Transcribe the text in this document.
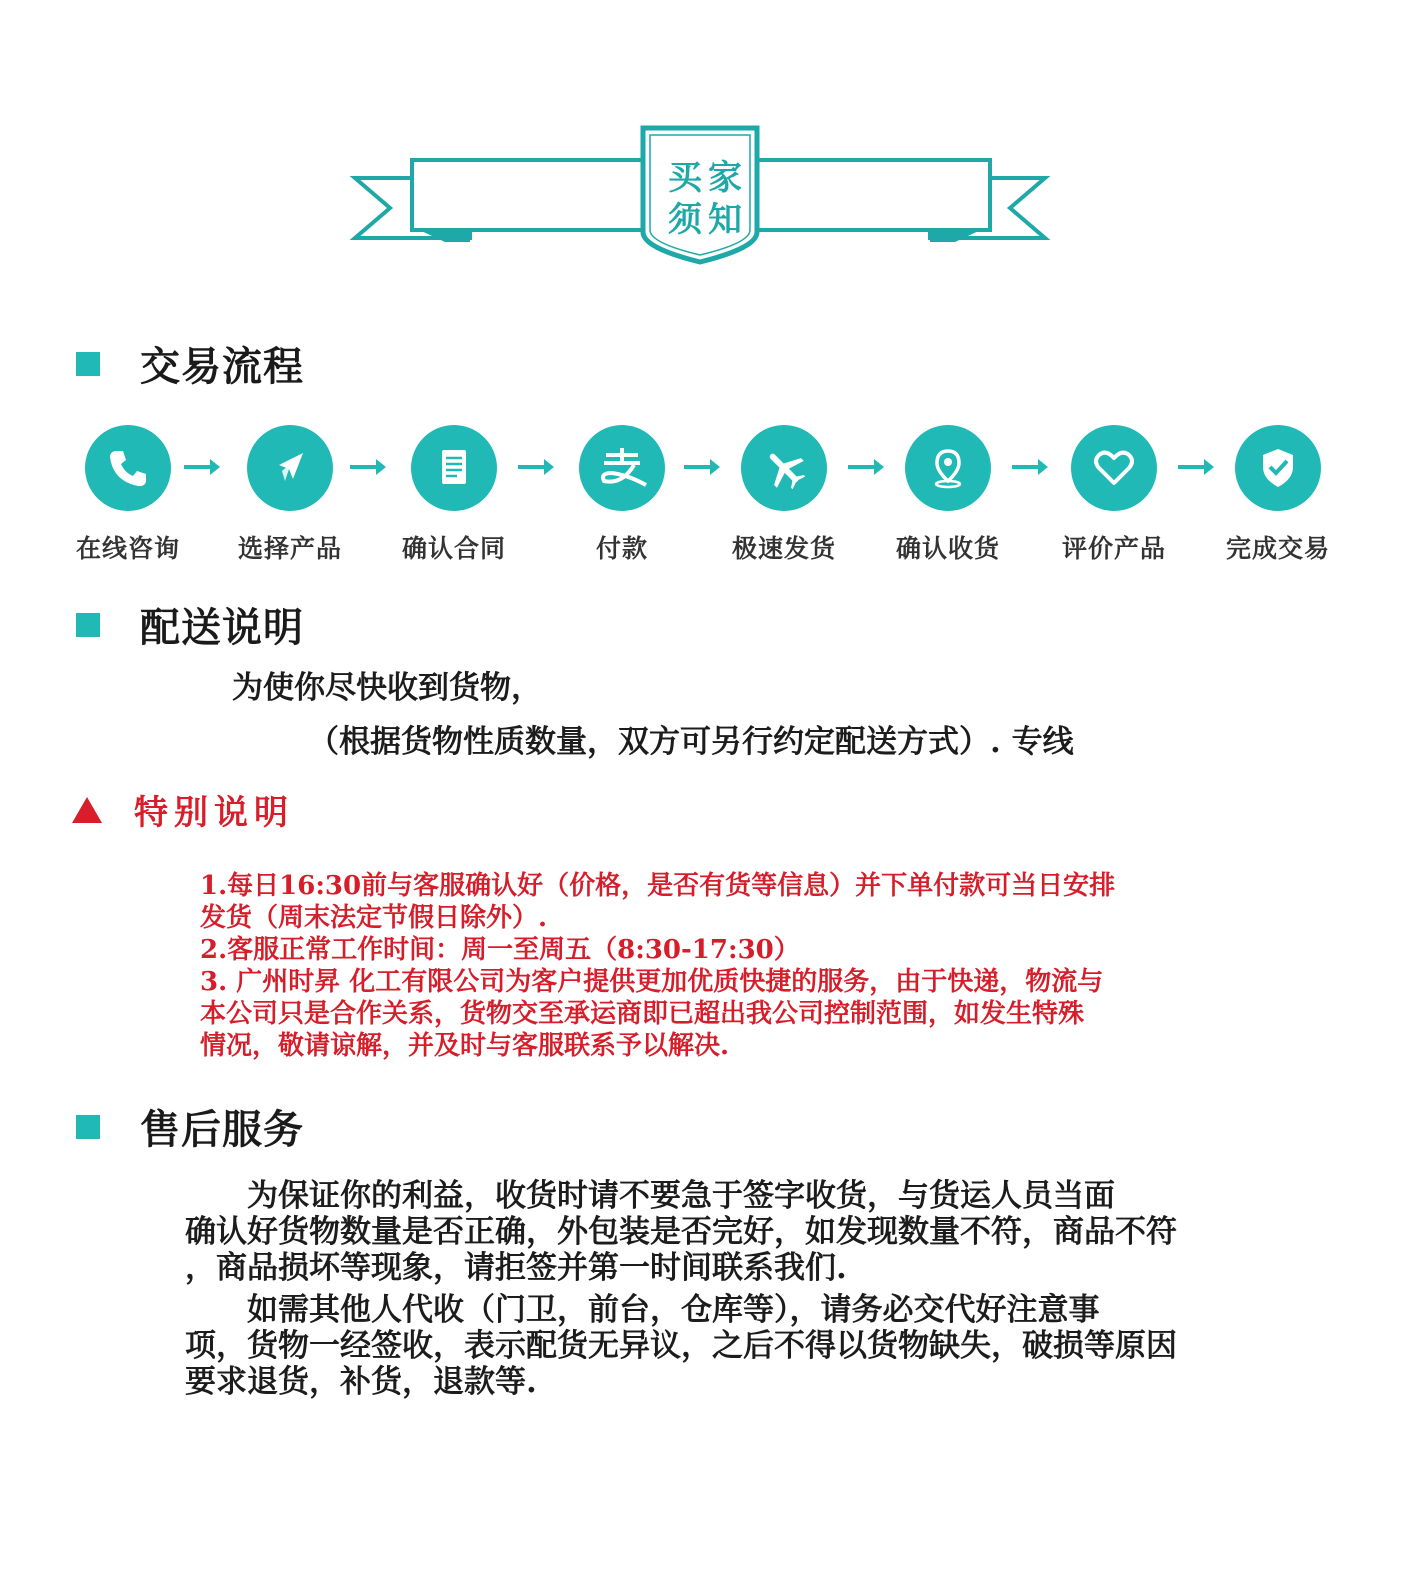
买家
须知
交易流程
在线咨询	选择产品	确认合同	付款	极速发货	确认收货	评价产品	完成交易
配送说明
为使你尽快收到货物，
（根据货物性质数量，双方可另行约定配送方式）. 专线
特别说明
1.每日16:30前与客服确认好（价格，是否有货等信息）并下单付款可当日安排
发货（周末法定节假日除外）.
2.客服正常工作时间：周一至周五（8:30-17:30）
3. 广州时昇 化工有限公司为客户提供更加优质快捷的服务，由于快递，物流与
本公司只是合作关系，货物交至承运商即已超出我公司控制范围，如发生特殊
情况，敬请谅解，并及时与客服联系予以解决.
售后服务
　　为保证你的利益，收货时请不要急于签字收货，与货运人员当面
确认好货物数量是否正确，外包装是否完好，如发现数量不符，商品不符
，商品损坏等现象，请拒签并第一时间联系我们.
　　如需其他人代收（门卫，前台，仓库等），请务必交代好注意事
项，货物一经签收，表示配货无异议，之后不得以货物缺失，破损等原因
要求退货，补货，退款等.
